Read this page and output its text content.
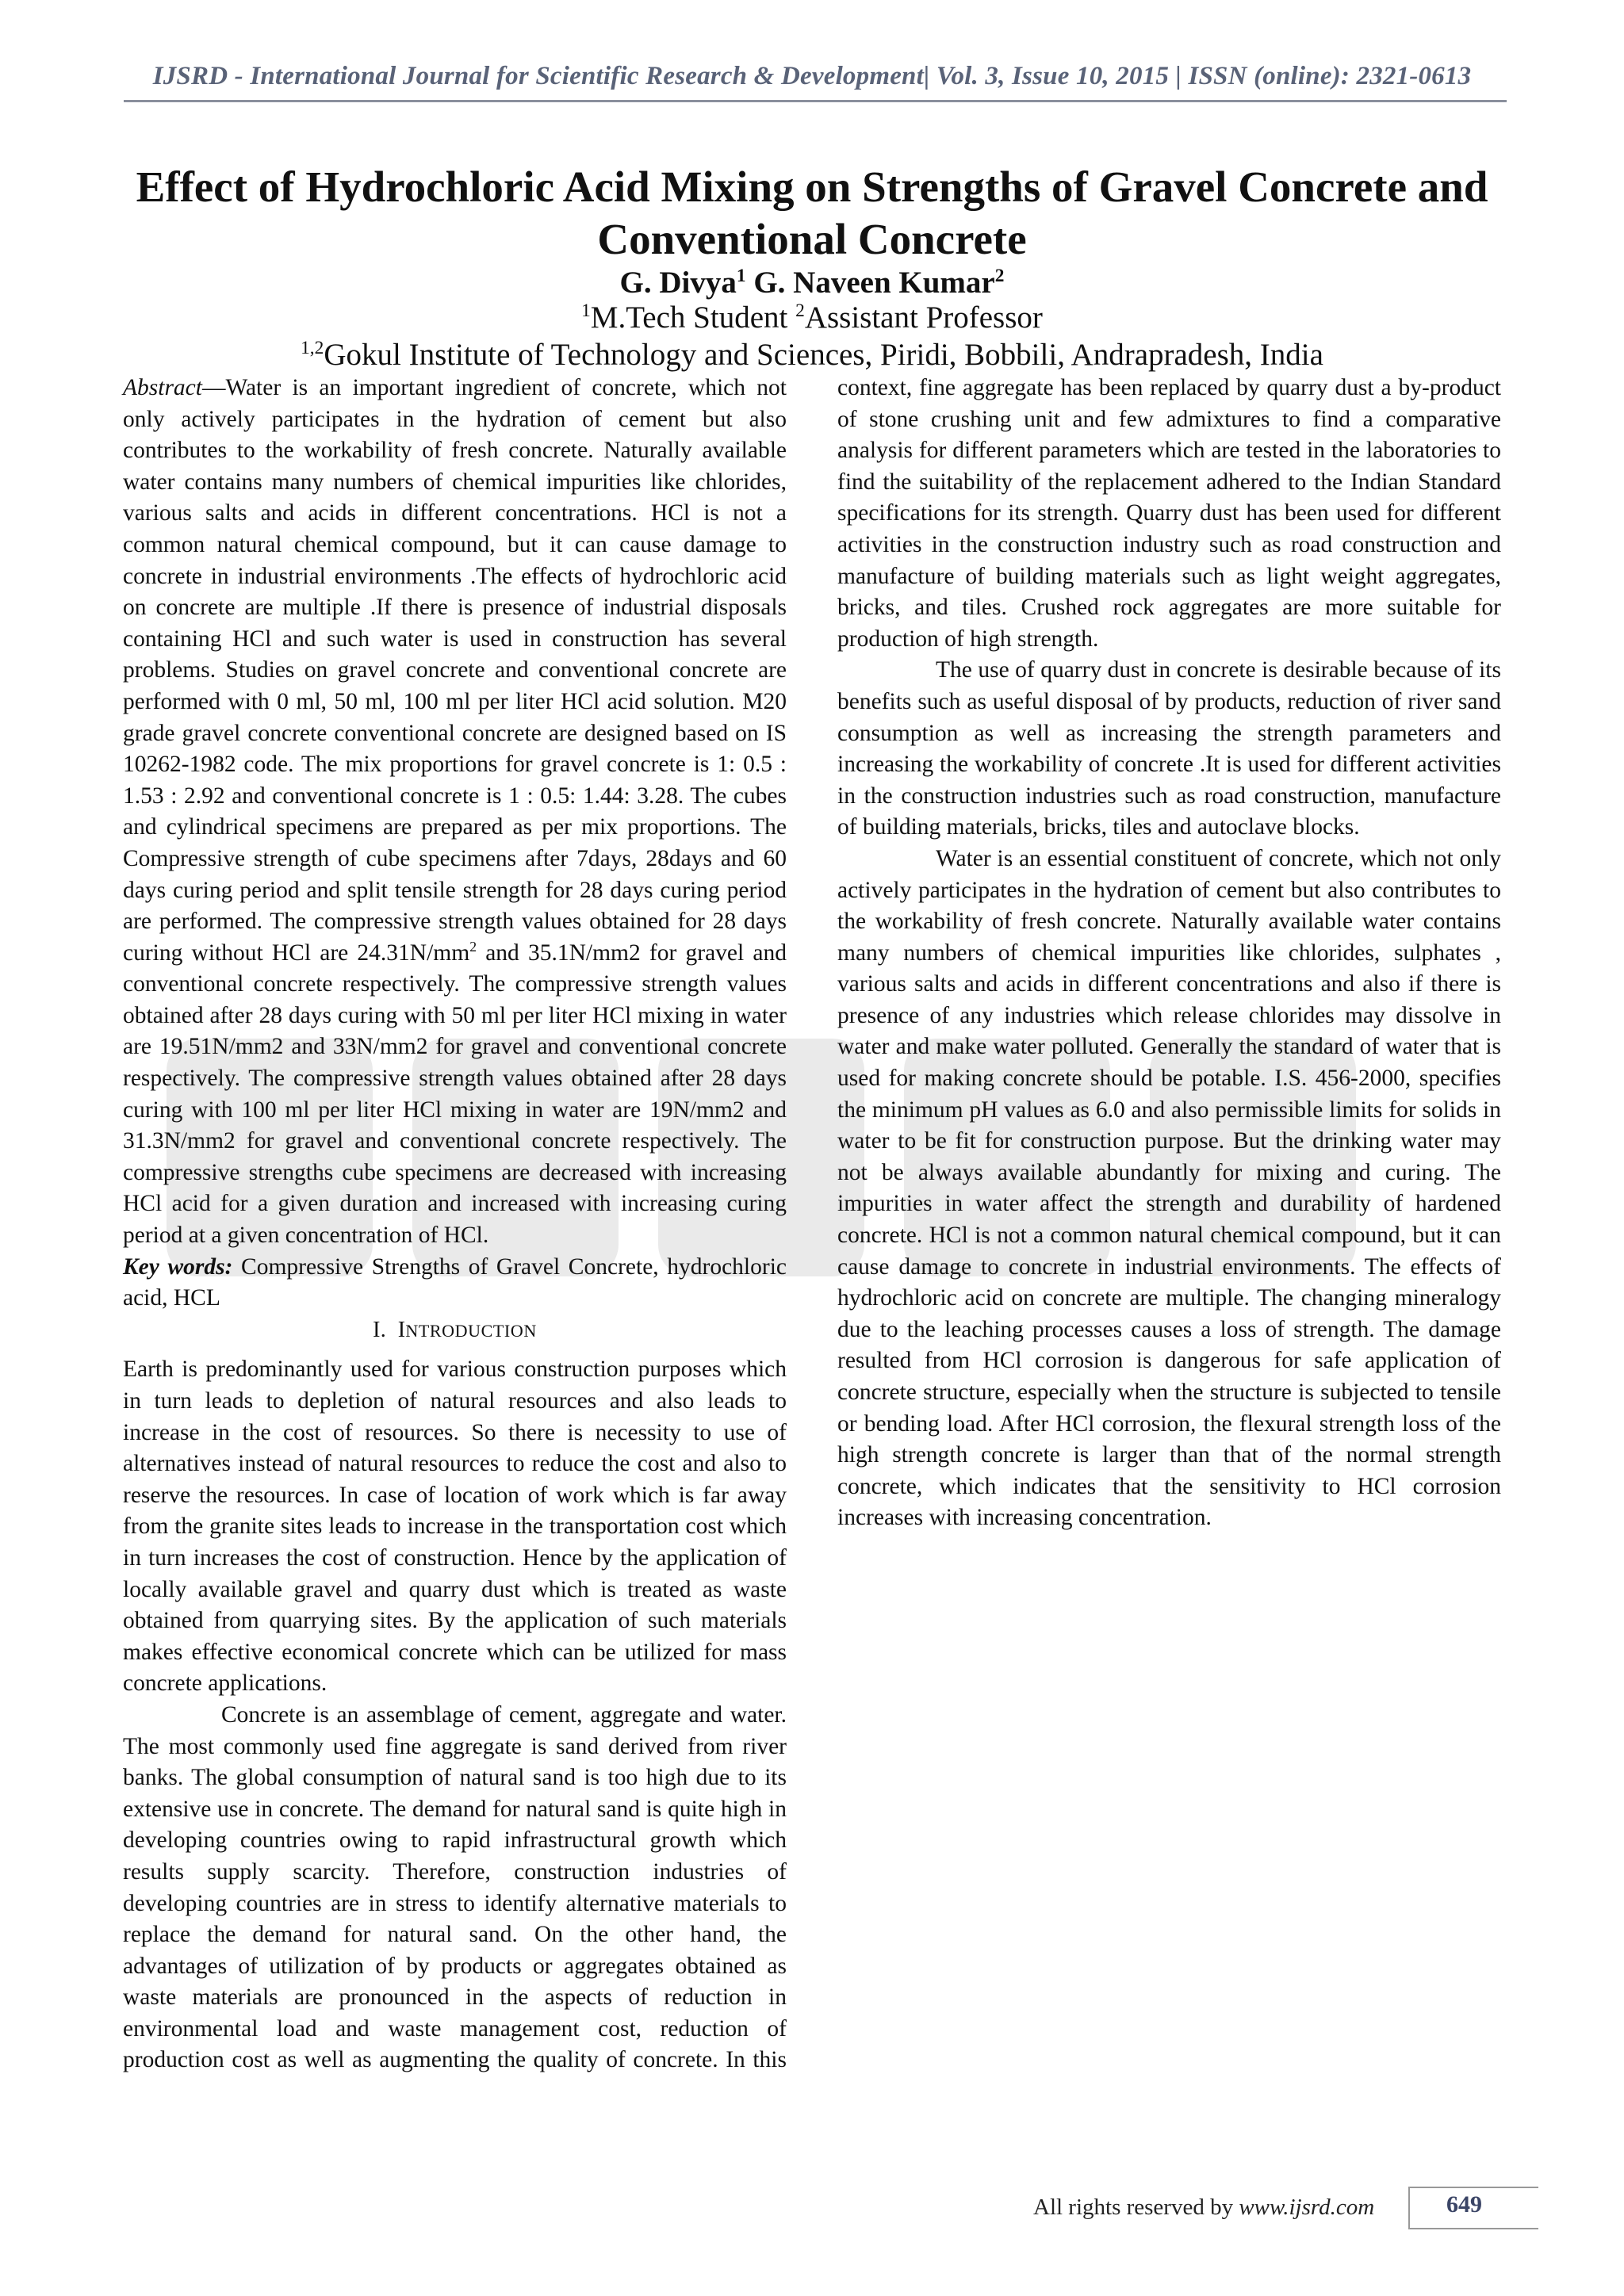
IJSRD - International Journal for Scientific Research & Development| Vol. 3, Issue 10, 2015 | ISSN (online): 2321-0613
Effect of Hydrochloric Acid Mixing on Strengths of Gravel Concrete and Conventional Concrete
G. Divya$^1$ G. Naveen Kumar$^2$
$^1$M.Tech Student $^2$Assistant Professor
$^{1,2}$Gokul Institute of Technology and Sciences, Piridi, Bobbili, Andrapradesh, India

Abstract—Water is an important ingredient of concrete, which not only actively participates in the hydration of cement but also contributes to the workability of fresh concrete. Naturally available water contains many numbers of chemical impurities like chlorides, various salts and acids in different concentrations. HCl is not a common natural chemical compound, but it can cause damage to concrete in industrial environments .The effects of hydrochloric acid on concrete are multiple .If there is presence of industrial disposals containing HCl and such water is used in construction has several problems. Studies on gravel concrete and conventional concrete are performed with 0 ml, 50 ml, 100 ml per liter HCl acid solution. M20 grade gravel concrete conventional concrete are designed based on IS 10262-1982 code. The mix proportions for gravel concrete is 1: 0.5 : 1.53 : 2.92 and conventional concrete is 1 : 0.5: 1.44: 3.28. The cubes and cylindrical specimens are prepared as per mix proportions. The Compressive strength of cube specimens after 7days, 28days and 60 days curing period and split tensile strength for 28 days curing period are performed. The compressive strength values obtained for 28 days curing without HCl are $24.31N/mm^2$ and 35.1N/mm2 for gravel and conventional concrete respectively. The compressive strength values obtained after 28 days curing with 50 ml per liter HCl mixing in water are 19.51N/mm2 and 33N/mm2 for gravel and conventional concrete respectively. The compressive strength values obtained after 28 days curing with 100 ml per liter HCl mixing in water are 19N/mm2 and 31.3N/mm2 for gravel and conventional concrete respectively. The compressive strengths cube specimens are decreased with increasing HCl acid for a given duration and increased with increasing curing period at a given concentration of HCl.

Key words: Compressive Strengths of Gravel Concrete, hydrochloric acid, HCL

I. INTRODUCTION

Earth is predominantly used for various construction purposes which in turn leads to depletion of natural resources and also leads to increase in the cost of resources. So there is necessity to use of alternatives instead of natural resources to reduce the cost and also to reserve the resources. In case of location of work which is far away from the granite sites leads to increase in the transportation cost which in turn increases the cost of construction. Hence by the application of locally available gravel and quarry dust which is treated as waste obtained from quarrying sites. By the application of such materials makes effective economical concrete which can be utilized for mass concrete applications.

Concrete is an assemblage of cement, aggregate and water. The most commonly used fine aggregate is sand derived from river banks. The global consumption of natural sand is too high due to its extensive use in concrete. The demand for natural sand is quite high in developing countries owing to rapid infrastructural growth which results supply scarcity. Therefore, construction industries of developing countries are in stress to identify alternative materials to replace the demand for natural sand. On the other hand, the advantages of utilization of by products or aggregates obtained as waste materials are pronounced in the aspects of reduction in environmental load and waste management cost, reduction of production cost as well as augmenting the quality of concrete. In this

context, fine aggregate has been replaced by quarry dust a by-product of stone crushing unit and few admixtures to find a comparative analysis for different parameters which are tested in the laboratories to find the suitability of the replacement adhered to the Indian Standard specifications for its strength. Quarry dust has been used for different activities in the construction industry such as road construction and manufacture of building materials such as light weight aggregates, bricks, and tiles. Crushed rock aggregates are more suitable for production of high strength.

The use of quarry dust in concrete is desirable because of its benefits such as useful disposal of by products, reduction of river sand consumption as well as increasing the strength parameters and increasing the workability of concrete .It is used for different activities in the construction industries such as road construction, manufacture of building materials, bricks, tiles and autoclave blocks.

Water is an essential constituent of concrete, which not only actively participates in the hydration of cement but also contributes to the workability of fresh concrete. Naturally available water contains many numbers of chemical impurities like chlorides, sulphates , various salts and acids in different concentrations and also if there is presence of any industries which release chlorides may dissolve in water and make water polluted. Generally the standard of water that is used for making concrete should be potable. I.S. 456-2000, specifies the minimum pH values as 6.0 and also permissible limits for solids in water to be fit for construction purpose. But the drinking water may not be always available abundantly for mixing and curing. The impurities in water affect the strength and durability of hardened concrete. HCl is not a common natural chemical compound, but it can cause damage to concrete in industrial environments. The effects of hydrochloric acid on concrete are multiple. The changing mineralogy due to the leaching processes causes a loss of strength. The damage resulted from HCl corrosion is dangerous for safe application of concrete structure, especially when the structure is subjected to tensile or bending load. After HCl corrosion, the flexural strength loss of the high strength concrete is larger than that of the normal strength concrete, which indicates that the sensitivity to HCl corrosion increases with increasing concentration.

All rights reserved by www.ijsrd.com	649
